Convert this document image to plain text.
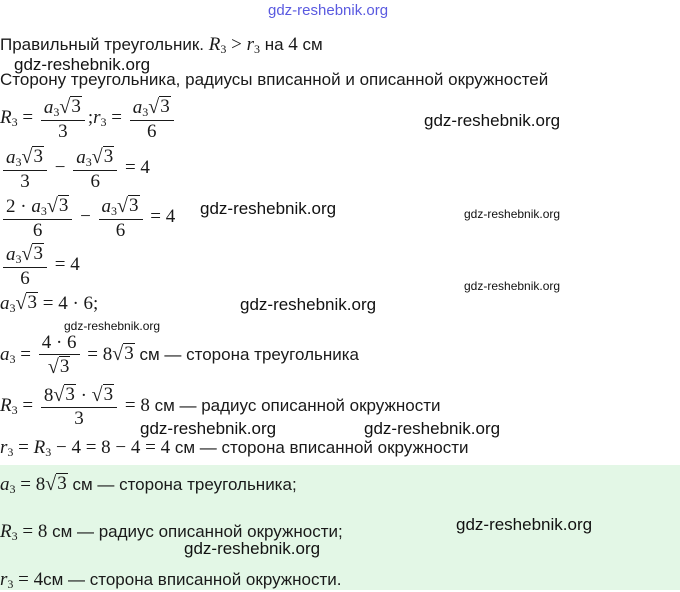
gdz-reshebnik.org
Правильный треугольник. $R_3 > r_3$ на 4 см
gdz-reshebnik.org
Сторону треугольника, радиусы вписанной и описанной окружностей
$R_3 = \frac{a_3 √ 3}{3}$ $;r_3 = \frac{a_3 √ 3}{6}$	gdz-reshebnik.org
$\frac{a_3 √ 3}{3} - \frac{a_3 √ 3}{6} = 4$
$\frac{2 \cdot a_3 √ 3}{6} - \frac{a_3 √ 3}{6} = 4$ gdz-reshebnik.org	gdz-reshebnik.org
$\frac{a_3 √ 3}{6} = 4$
gdz-reshebnik.org
$a_3$ √ 3 = 4 · 6;	gdz-reshebnik.org
gdz-reshebnik.org
$a_3 = \frac{4 \cdot 6}{√ 3} = 8$ √ 3 см — сторона треугольника
$R_3 = \frac{8 √ 3 \cdot √ 3}{3} = 8$ см — радиус описанной окружности
gdz-reshebnik.org	gdz-reshebnik.org
$r_3 = R_3 - 4 = 8 - 4 = 4$ см — сторона вписанной окружности
$a_3 = 8$ √ 3 см — сторона треугольника;
$R_3 = 8$ см — радиус описанной окружности;	gdz-reshebnik.org
gdz-reshebnik.org
$r_3 = 4см$ — сторона вписанной окружности.
